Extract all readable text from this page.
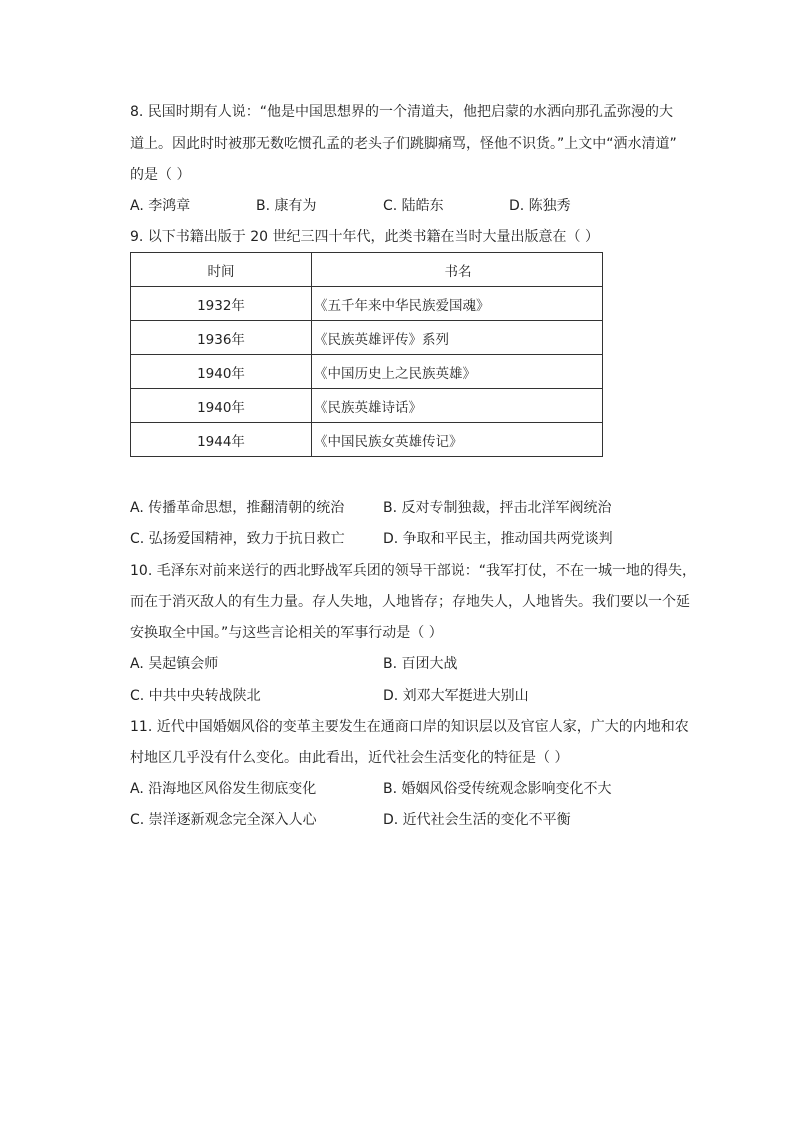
8. 民国时期有人说：“他是中国思想界的一个清道夫，他把启蒙的水洒向那孔孟弥漫的大
道上。因此时时被那无数吃惯孔孟的老头子们跳脚痛骂，怪他不识货。”上文中“洒水清道”
的是（ ）
A. 李鸿章	B. 康有为	C. 陆皓东	D. 陈独秀
9. 以下书籍出版于 20 世纪三四十年代，此类书籍在当时大量出版意在（ ）
时间	书名
1932年	《五千年来中华民族爱国魂》
1936年	《民族英雄评传》系列
1940年	《中国历史上之民族英雄》
1940年	《民族英雄诗话》
1944年	《中国民族女英雄传记》
A. 传播革命思想，推翻清朝的统治	B. 反对专制独裁，抨击北洋军阀统治
C. 弘扬爱国精神，致力于抗日救亡	D. 争取和平民主，推动国共两党谈判
10. 毛泽东对前来送行的西北野战军兵团的领导干部说：“我军打仗，不在一城一地的得失，
而在于消灭敌人的有生力量。存人失地，人地皆存；存地失人，人地皆失。我们要以一个延
安换取全中国。”与这些言论相关的军事行动是（ ）
A. 吴起镇会师	B. 百团大战
C. 中共中央转战陕北	D. 刘邓大军挺进大别山
11. 近代中国婚姻风俗的变革主要发生在通商口岸的知识层以及官宦人家，广大的内地和农
村地区几乎没有什么变化。由此看出，近代社会生活变化的特征是（ ）
A. 沿海地区风俗发生彻底变化	B. 婚姻风俗受传统观念影响变化不大
C. 崇洋逐新观念完全深入人心	D. 近代社会生活的变化不平衡
